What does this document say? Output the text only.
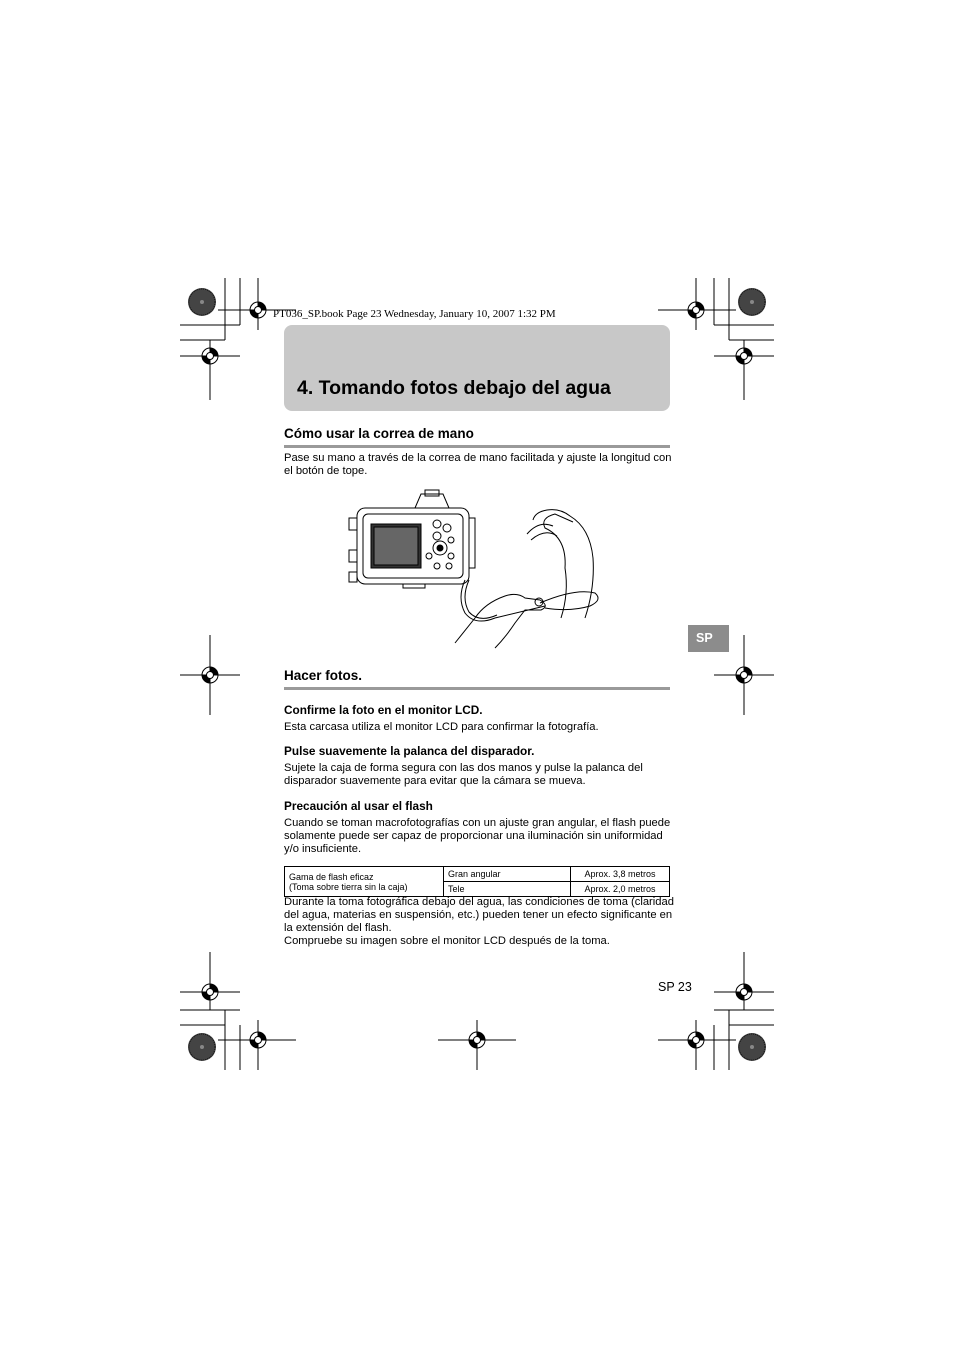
PT036_SP.book Page 23 Wednesday, January 10, 2007 1:32 PM
4. Tomando fotos debajo del agua
Cómo usar la correa de mano
Pase su mano a través de la correa de mano facilitada y ajuste la longitud con el botón de tope.
SP
Hacer fotos.
Confirme la foto en el monitor LCD.
Esta carcasa utiliza el monitor LCD para confirmar la fotografía.
Pulse suavemente la palanca del disparador.
Sujete la caja de forma segura con las dos manos y pulse la palanca del disparador suavemente para evitar que la cámara se mueva.
Precaución al usar el flash
Cuando se toman macrofotografías con un ajuste gran angular, el flash puede solamente puede ser capaz de proporcionar una iluminación sin uniformidad y/o insuficiente.
Gama de flash eficaz
(Toma sobre tierra sin la caja)	Gran angular	Aprox. 3,8 metros
	Tele	Aprox. 2,0 metros
Durante la toma fotográfica debajo del agua, las condiciones de toma (claridad del agua, materias en suspensión, etc.) pueden tener un efecto significante en la extensión del flash.
Compruebe su imagen sobre el monitor LCD después de la toma.
SP 23
